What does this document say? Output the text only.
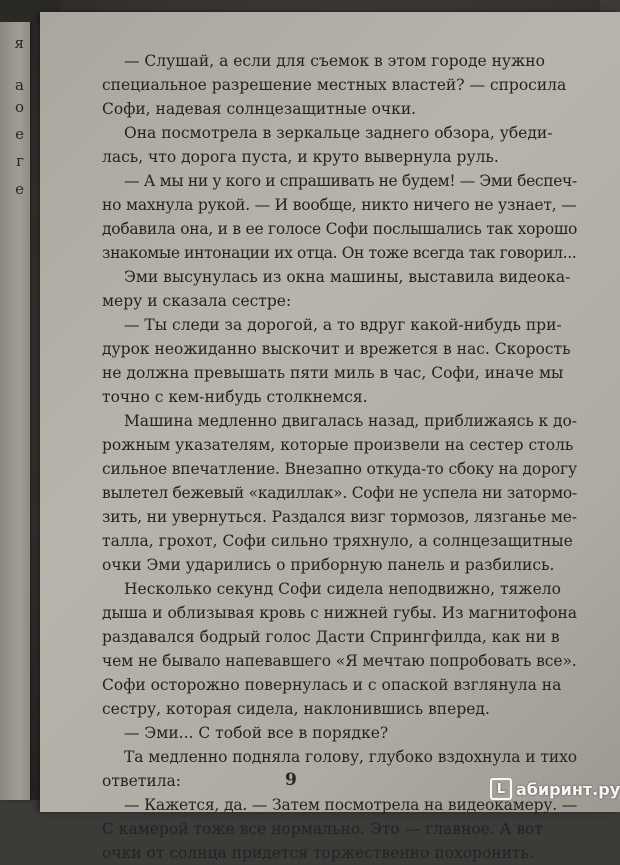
я
а
о
е
г
е
— Слушай, а если для съемок в этом городе нужно
специальное разрешение местных властей? — спросила
Софи, надевая солнцезащитные очки.
Она посмотрела в зеркальце заднего обзора, убеди-
лась, что дорога пуста, и круто вывернула руль.
— А мы ни у кого и спрашивать не будем! — Эми беспеч-
но махнула рукой. — И вообще, никто ничего не узнает, —
добавила она, и в ее голосе Софи послышались так хорошо
знакомые интонации их отца. Он тоже всегда так говорил...
Эми высунулась из окна машины, выставила видеока-
меру и сказала сестре:
— Ты следи за дорогой, а то вдруг какой-нибудь при-
дурок неожиданно выскочит и врежется в нас. Скорость
не должна превышать пяти миль в час, Софи, иначе мы
точно с кем-нибудь столкнемся.
Машина медленно двигалась назад, приближаясь к до-
рожным указателям, которые произвели на сестер столь
сильное впечатление. Внезапно откуда-то сбоку на дорогу
вылетел бежевый «кадиллак». Софи не успела ни затормо-
зить, ни увернуться. Раздался визг тормозов, лязганье ме-
талла, грохот, Софи сильно тряхнуло, а солнцезащитные
очки Эми ударились о приборную панель и разбились.
Несколько секунд Софи сидела неподвижно, тяжело
дыша и облизывая кровь с нижней губы. Из магнитофона
раздавался бодрый голос Дасти Спрингфилда, как ни в
чем не бывало напевавшего «Я мечтаю попробовать все».
Софи осторожно повернулась и с опаской взглянула на
сестру, которая сидела, наклонившись вперед.
— Эми... С тобой все в порядке?
Та медленно подняла голову, глубоко вздохнула и тихо
ответила:
— Кажется, да. — Затем посмотрела на видеокамеру. —
С камерой тоже все нормально. Это — главное. А вот
очки от солнца придется торжественно похоронить.
9	L абиринт.ру
